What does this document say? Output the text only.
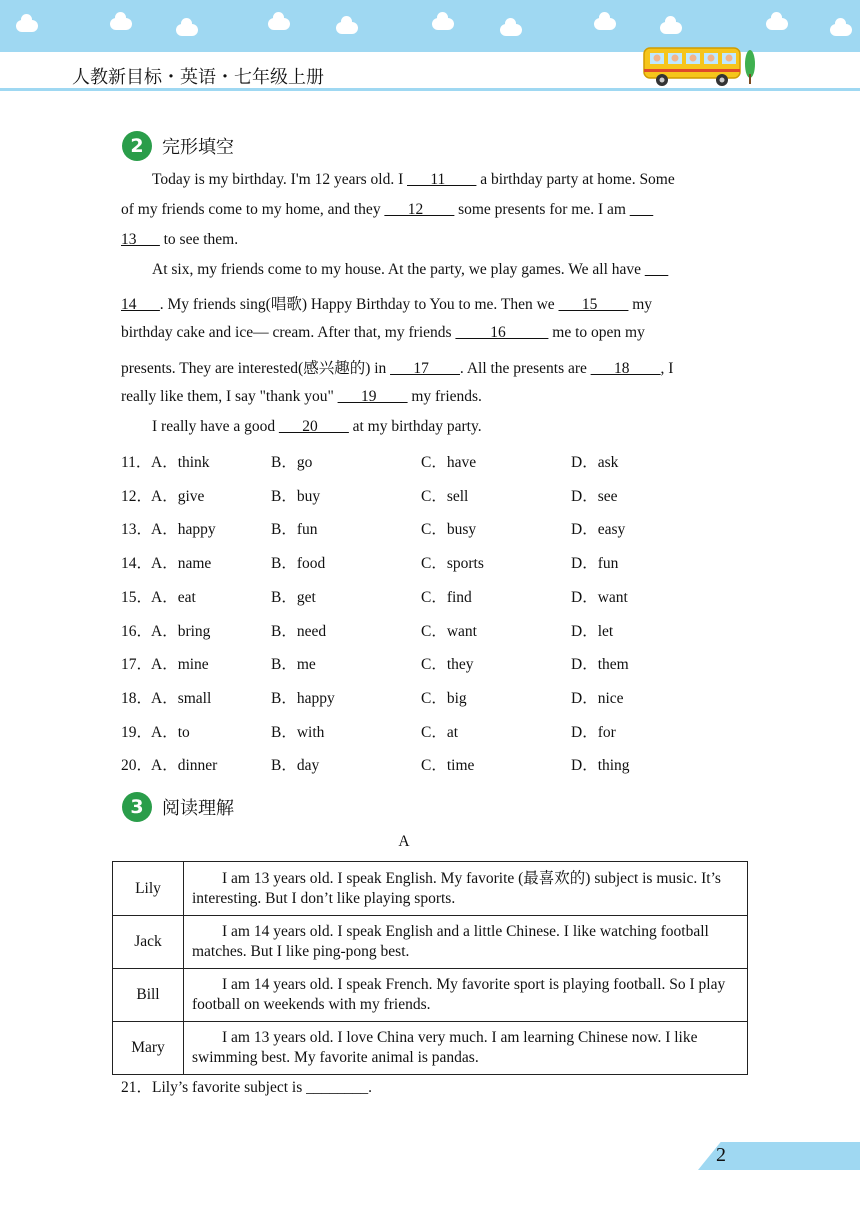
人教新目标・英语・七年级上册
2	完形填空
Today is my birthday. I'm 12 years old. I ___11____ a birthday party at home. Some
of my friends come to my home, and they ___12____ some presents for me. I am ___
13___ to see them.
At six, my friends come to my house. At the party, we play games. We all have ___
14___. My friends sing(唱歌) Happy Birthday to You to me. Then we ___15____ my
birthday cake and ice— cream. After that, my friends    ___16____    me to open my
presents. They are interested(感兴趣的) in ___17____. All the presents are ___18____, I
really like them, I say "thank you" ___19____ my friends.
I really have a good ___20____ at my birthday party.
11． A．think	B．go	C．have	D．ask
12．
A．give	B．buy	C．sell	D．see
13．
A．happy	B．fun	C．busy	D．easy
14．
A．name	B．food	C．sports	D．fun
15．
A．eat	B．get	C．find	D．want
16．
A．bring	B．need	C．want	D．let
17．
A．mine	B．me	C．they	D．them
18．
A．small	B．happy	C．big	D．nice
19．
A．to	B．with	C．at	D．for
20．
A．dinner	B．day	C．time	D．thing
3	阅读理解
A
Lily	I am 13 years old. I speak English. My favorite (最喜欢的) subject is music. It’s interesting. But I don’t like playing sports.
Jack	I am 14 years old. I speak English and a little Chinese. I like watching football matches. But I like ping-pong best.
Bill	I am 14 years old. I speak French. My favorite sport is playing football. So I play football on weekends with my friends.
Mary	I am 13 years old. I love China very much. I am learning Chinese now. I like swimming best. My favorite animal is pandas.
21．Lily’s favorite subject is ________.
2
